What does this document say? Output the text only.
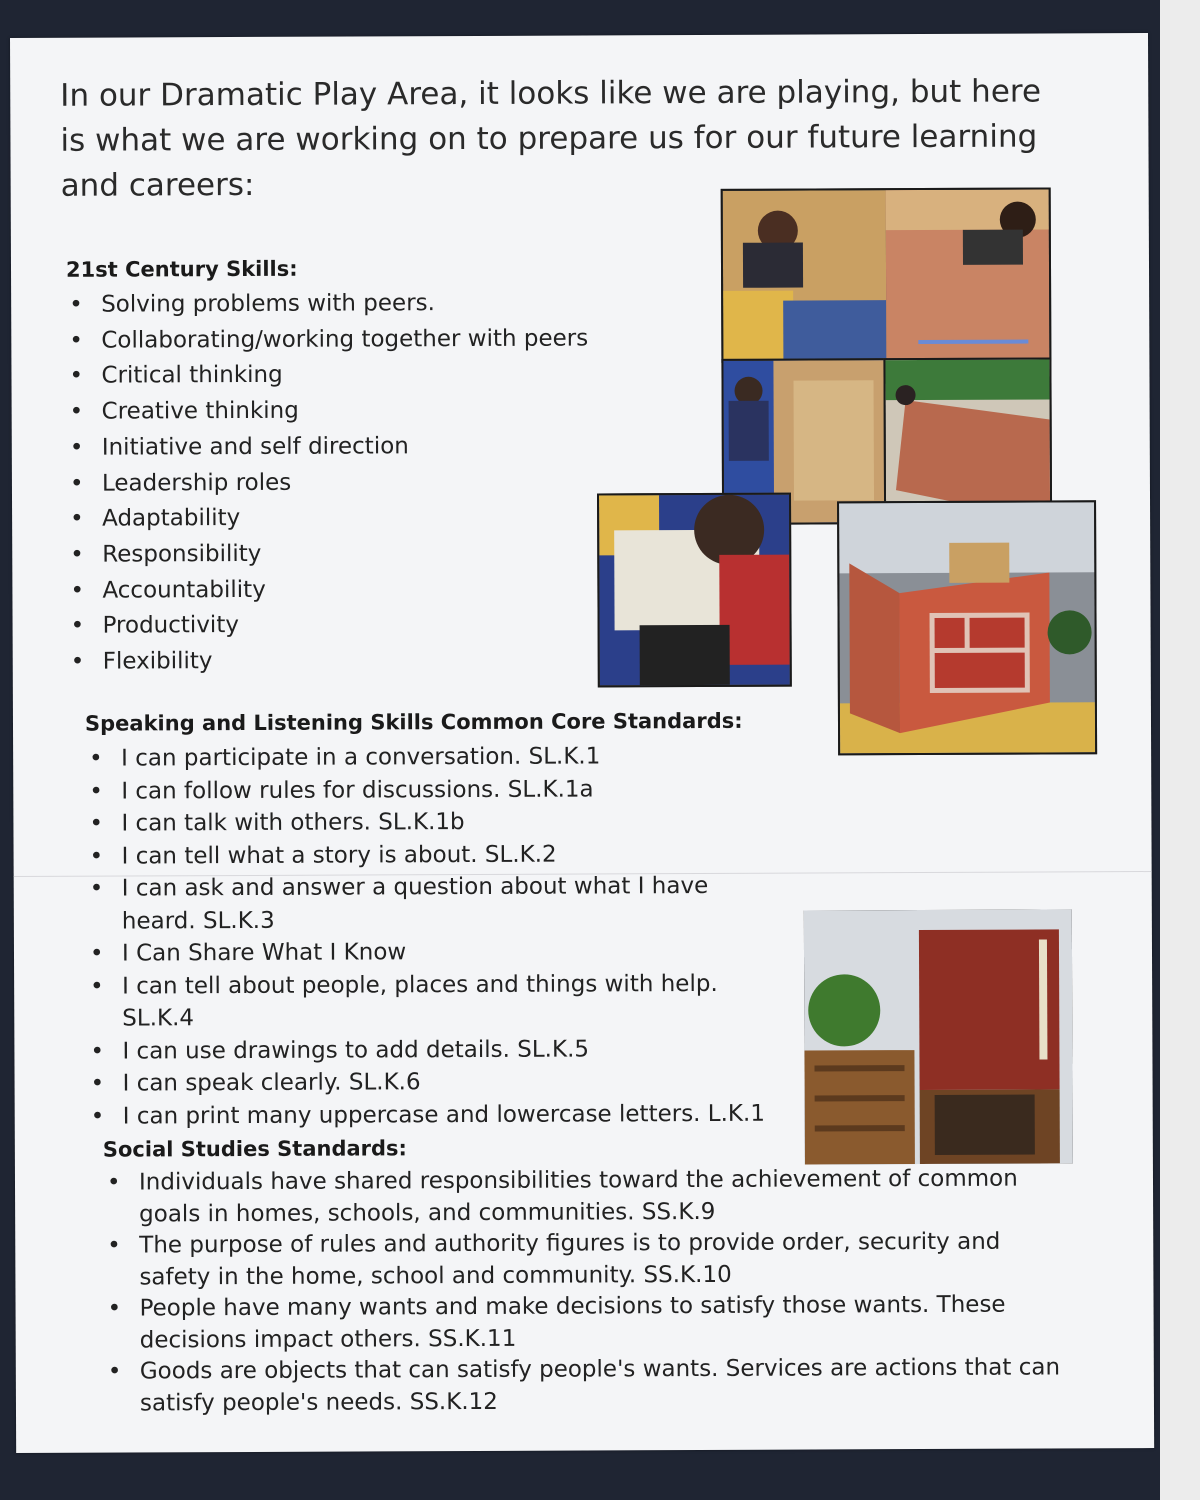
In our Dramatic Play Area, it looks like we are playing, but here is what we are working on to prepare us for our future learning and careers:

21st Century Skills:
• Solving problems with peers.
• Collaborating/working together with peers
• Critical thinking
• Creative thinking
• Initiative and self direction
• Leadership roles
• Adaptability
• Responsibility
• Accountability
• Productivity
• Flexibility
Speaking and Listening Skills Common Core Standards:
• I can participate in a conversation. SL.K.1
• I can follow rules for discussions. SL.K.1a
• I can talk with others. SL.K.1b
• I can tell what a story is about. SL.K.2
• I can ask and answer a question about what I have heard. SL.K.3
• I Can Share What I Know
• I can tell about people, places and things with help. SL.K.4
• I can use drawings to add details. SL.K.5
• I can speak clearly. SL.K.6
• I can print many uppercase and lowercase letters. L.K.1
Social Studies Standards:
• Individuals have shared responsibilities toward the achievement of common goals in homes, schools, and communities. SS.K.9
• The purpose of rules and authority figures is to provide order, security and safety in the home, school and community. SS.K.10
• People have many wants and make decisions to satisfy those wants. These decisions impact others. SS.K.11
• Goods are objects that can satisfy people's wants. Services are actions that can satisfy people's needs. SS.K.12
